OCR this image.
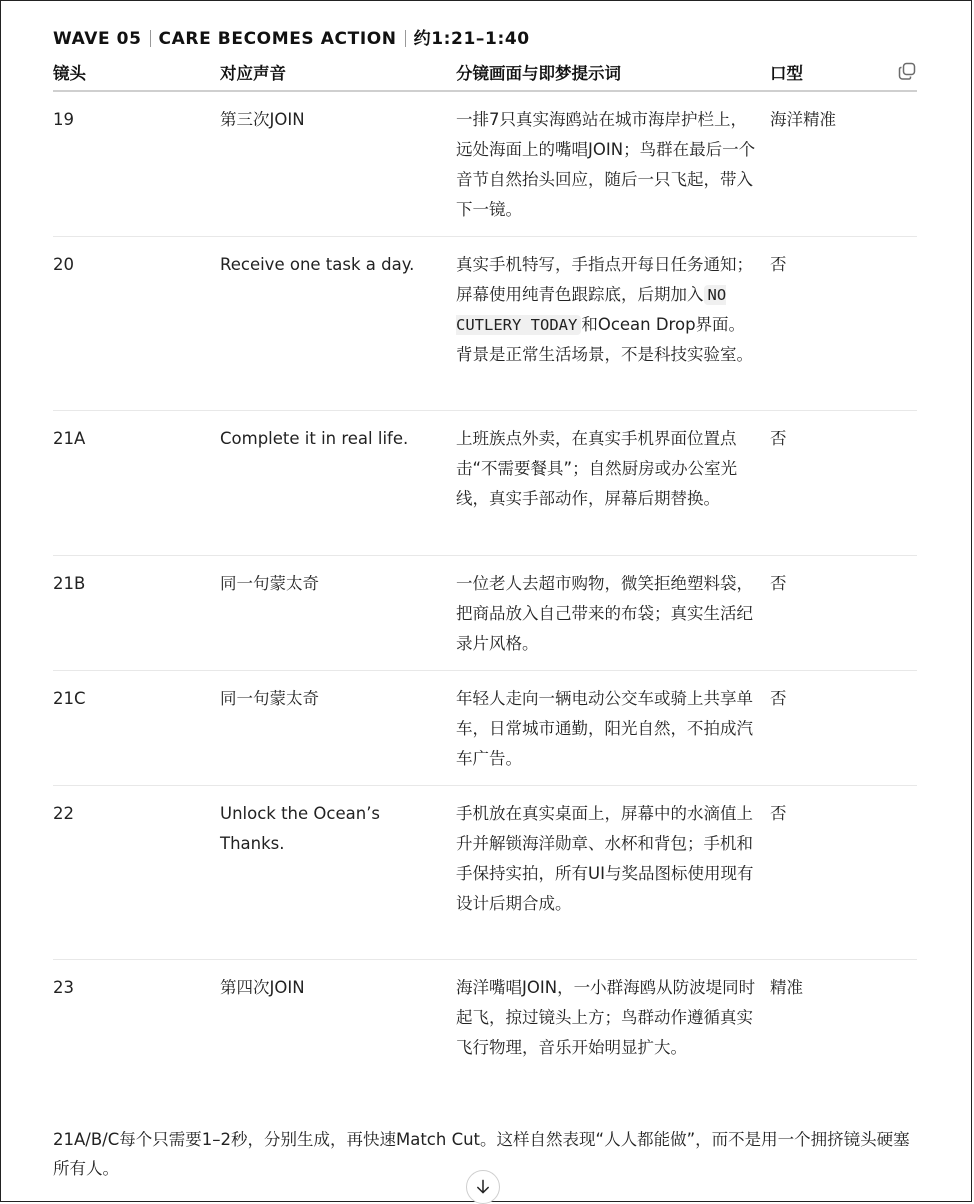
WAVE 05 CARE BECOMES ACTION 约1:21–1:40
镜头	对应声音	分镜画面与即梦提示词	口型

19	第三次JOIN	一排7只真实海鸥站在城市海岸护栏上，远处海面上的嘴唱JOIN；鸟群在最后一个音节自然抬头回应，随后一只飞起，带入下一镜。	海洋精准
20	Receive one task a day.	真实手机特写，手指点开每日任务通知；屏幕使用纯青色跟踪底，后期加入 NO CUTLERY TODAY 和Ocean Drop界面。背景是正常生活场景，不是科技实验室。	否
21A	Complete it in real life.	上班族点外卖，在真实手机界面位置点击“不需要餐具”；自然厨房或办公室光线，真实手部动作，屏幕后期替换。	否
21B	同一句蒙太奇	一位老人去超市购物，微笑拒绝塑料袋，把商品放入自己带来的布袋；真实生活纪录片风格。	否
21C	同一句蒙太奇	年轻人走向一辆电动公交车或骑上共享单车，日常城市通勤，阳光自然，不拍成汽车广告。	否
22	Unlock the Ocean’s Thanks.	手机放在真实桌面上，屏幕中的水滴值上升并解锁海洋勋章、水杯和背包；手机和手保持实拍，所有UI与奖品图标使用现有设计后期合成。	否
23	第四次JOIN	海洋嘴唱JOIN，一小群海鸥从防波堤同时起飞，掠过镜头上方；鸟群动作遵循真实飞行物理，音乐开始明显扩大。	精准
21A/B/C每个只需要1–2秒，分别生成，再快速Match Cut。这样自然表现“人人都能做”，而不是用一个拥挤镜头硬塞所有人。
